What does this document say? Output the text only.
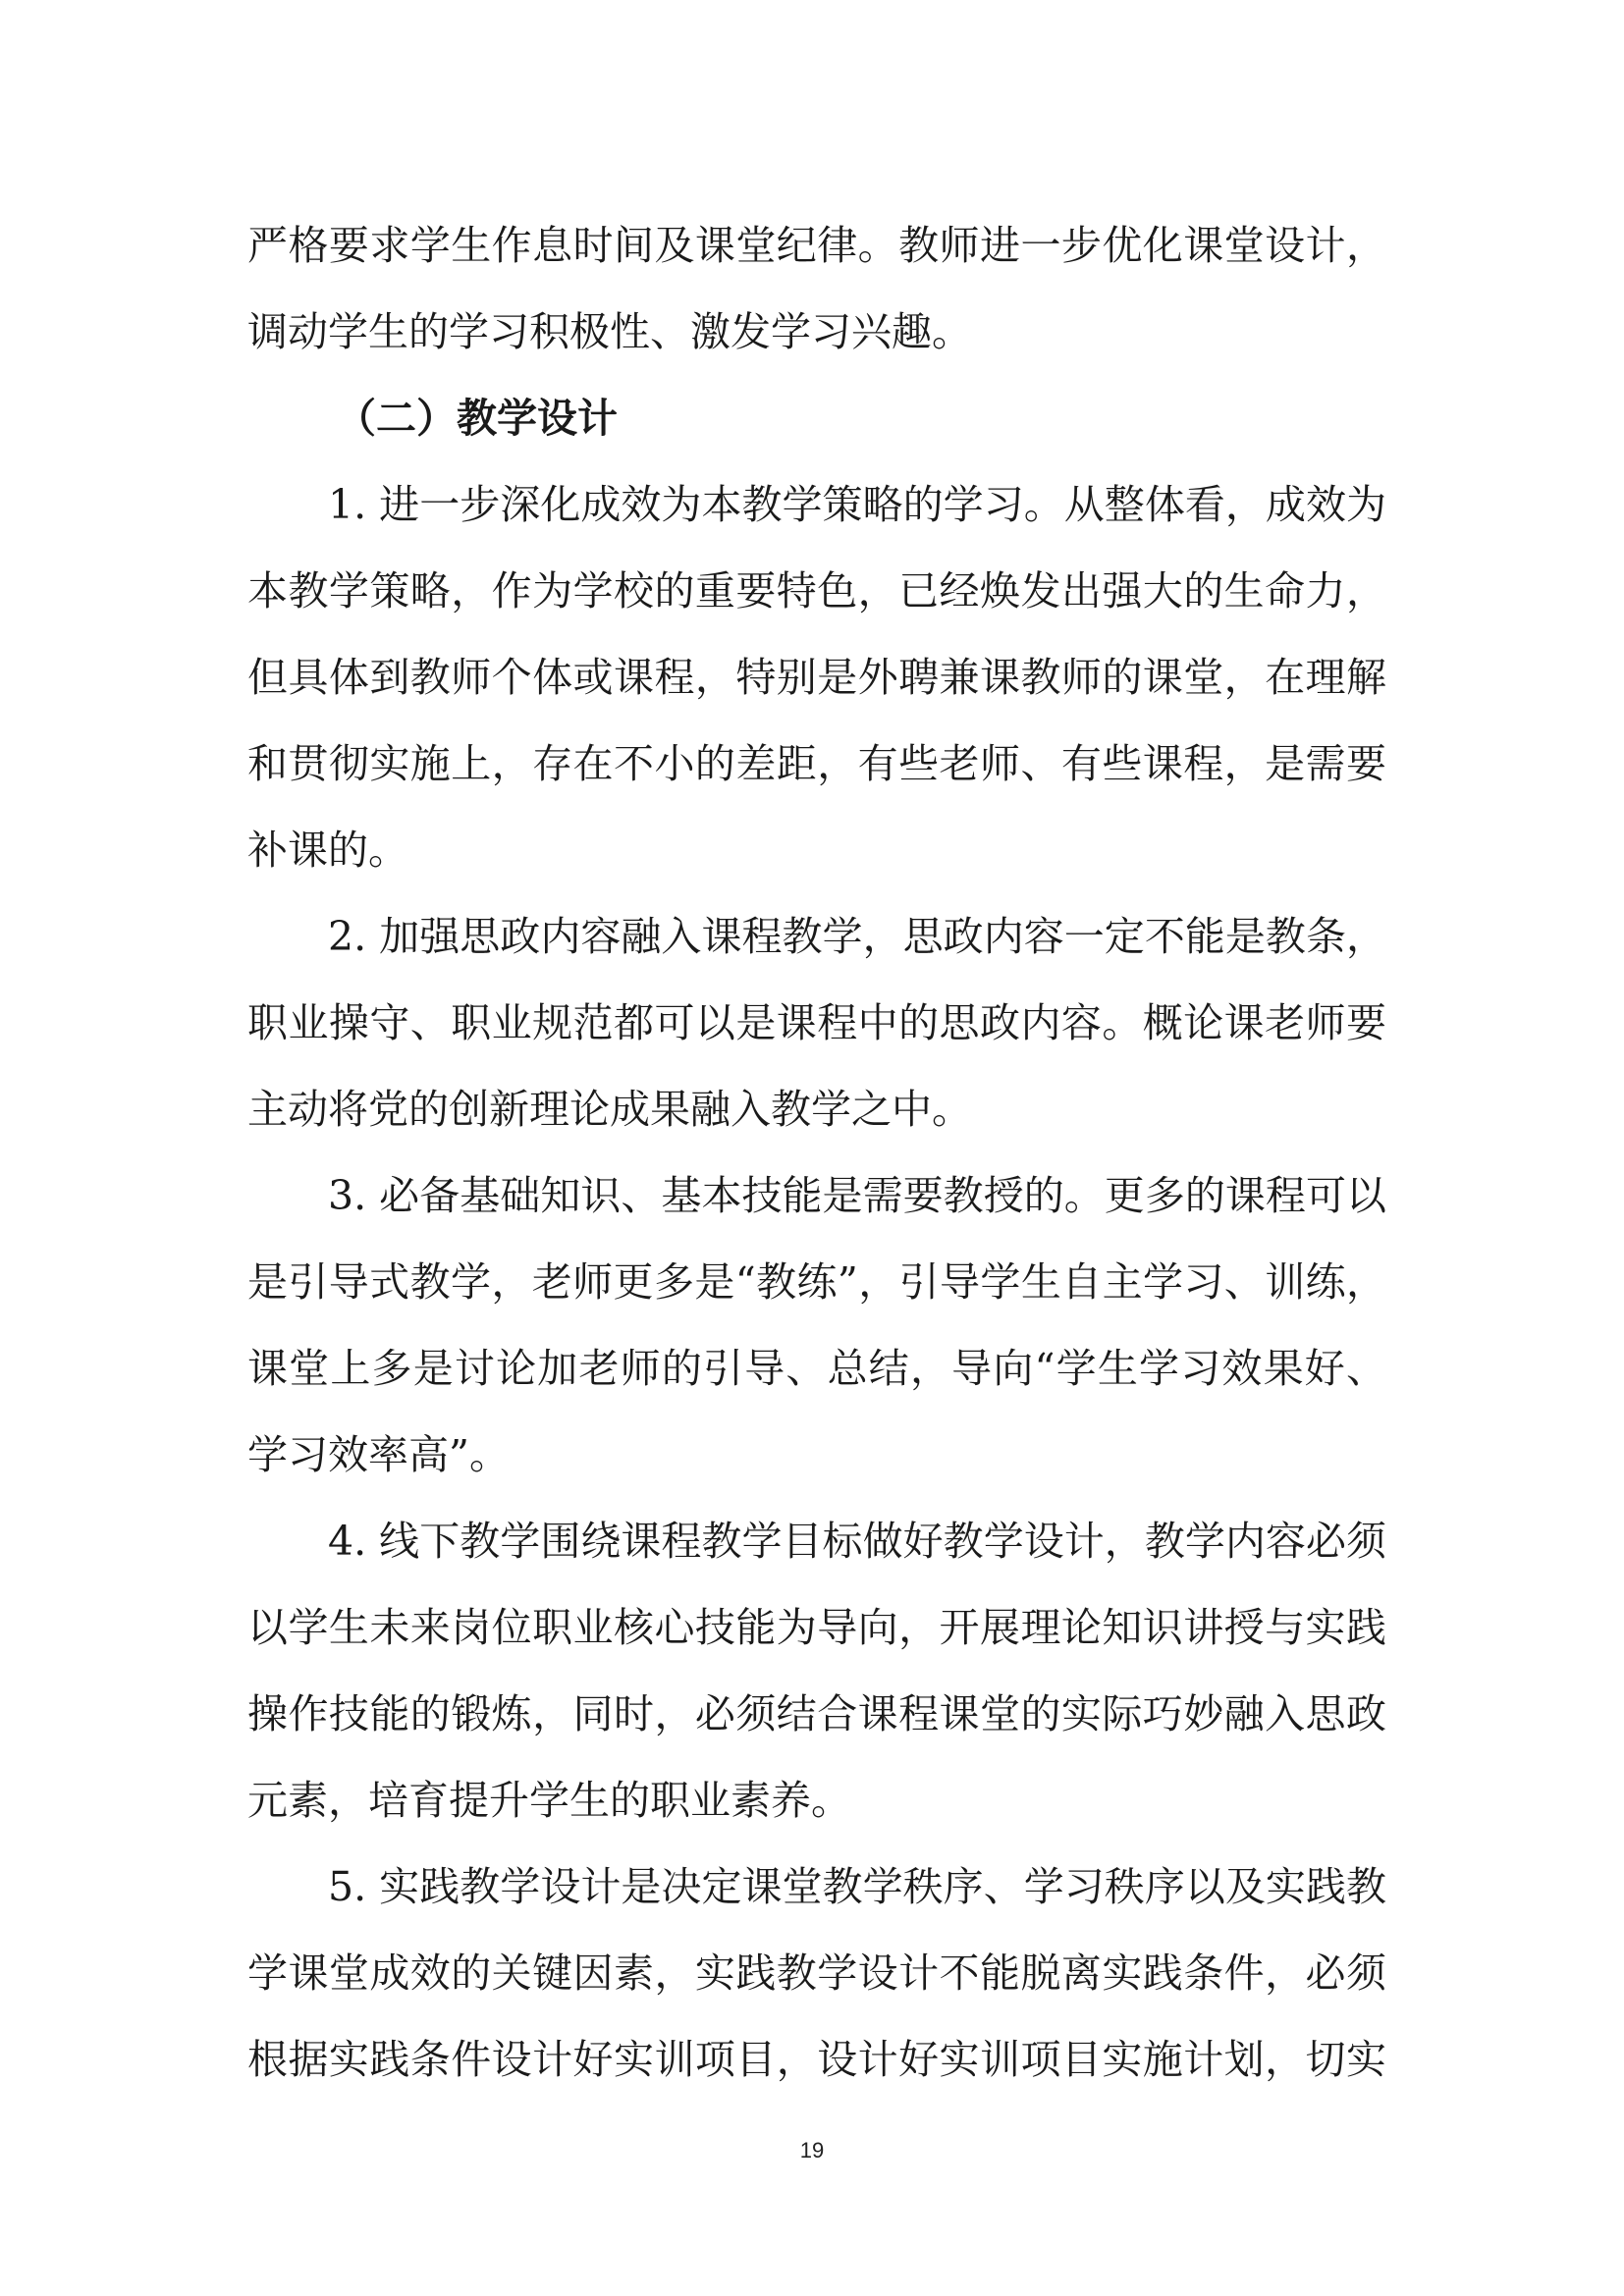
严格要求学生作息时间及课堂纪律。教师进一步优化课堂设计，
调动学生的学习积极性、激发学习兴趣。
（二）教学设计
1. 进一步深化成效为本教学策略的学习。从整体看，成效为
本教学策略，作为学校的重要特色，已经焕发出强大的生命力，
但具体到教师个体或课程，特别是外聘兼课教师的课堂，在理解
和贯彻实施上，存在不小的差距，有些老师、有些课程，是需要
补课的。
2. 加强思政内容融入课程教学，思政内容一定不能是教条，
职业操守、职业规范都可以是课程中的思政内容。概论课老师要
主动将党的创新理论成果融入教学之中。
3. 必备基础知识、基本技能是需要教授的。更多的课程可以
是引导式教学，老师更多是“教练”，引导学生自主学习、训练，
课堂上多是讨论加老师的引导、总结，导向“学生学习效果好、
学习效率高”。
4. 线下教学围绕课程教学目标做好教学设计，教学内容必须
以学生未来岗位职业核心技能为导向，开展理论知识讲授与实践
操作技能的锻炼，同时，必须结合课程课堂的实际巧妙融入思政
元素，培育提升学生的职业素养。
5. 实践教学设计是决定课堂教学秩序、学习秩序以及实践教
学课堂成效的关键因素，实践教学设计不能脱离实践条件，必须
根据实践条件设计好实训项目，设计好实训项目实施计划，切实
19
